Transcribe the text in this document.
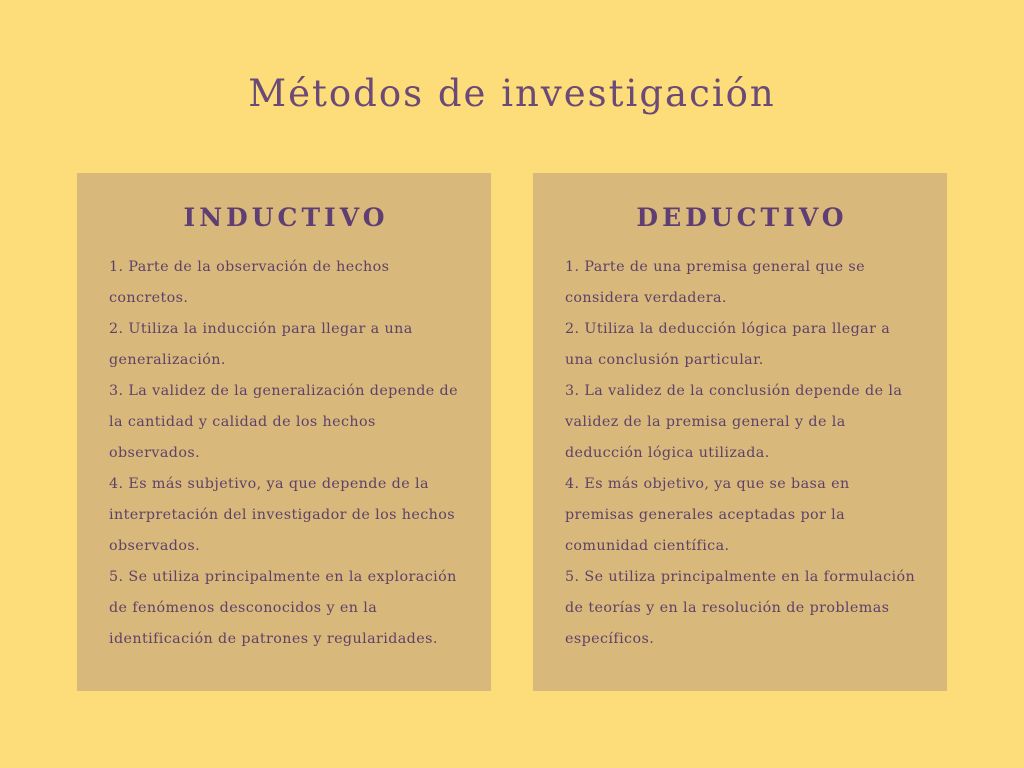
Métodos de investigación
INDUCTIVO
1. Parte de la observación de hechos concretos.
2. Utiliza la inducción para llegar a una generalización.
3. La validez de la generalización depende de la cantidad y calidad de los hechos observados.
4. Es más subjetivo, ya que depende de la interpretación del investigador de los hechos observados.
5. Se utiliza principalmente en la exploración de fenómenos desconocidos y en la identificación de patrones y regularidades.
DEDUCTIVO
1. Parte de una premisa general que se considera verdadera.
2. Utiliza la deducción lógica para llegar a una conclusión particular.
3. La validez de la conclusión depende de la validez de la premisa general y de la deducción lógica utilizada.
4. Es más objetivo, ya que se basa en premisas generales aceptadas por la comunidad científica.
5. Se utiliza principalmente en la formulación de teorías y en la resolución de problemas específicos.
